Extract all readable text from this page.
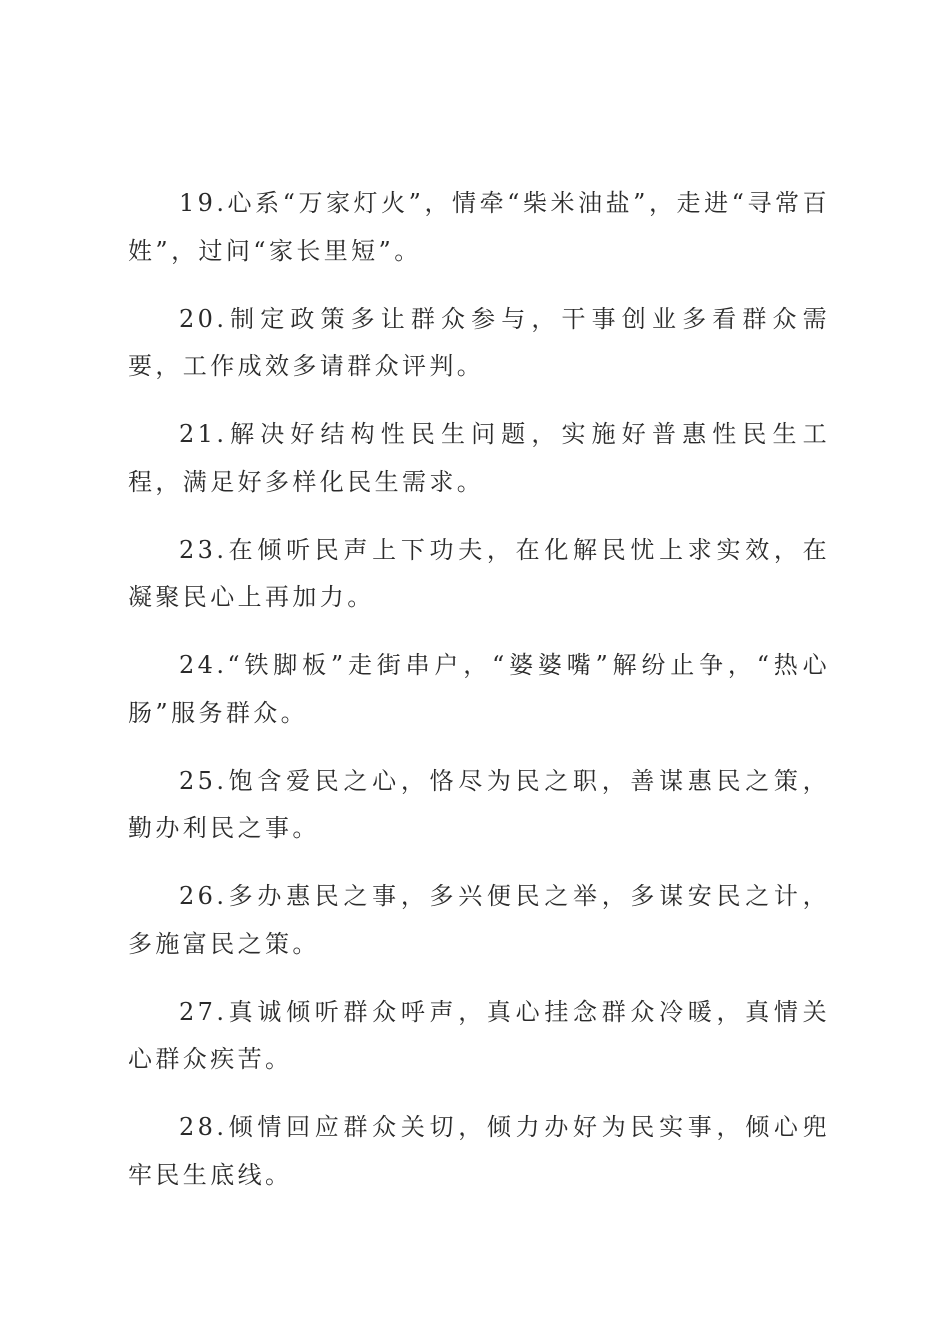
19.心系“万家灯火”，情牵“柴米油盐”，走进“寻常百姓”，过问“家长里短”。

20.制定政策多让群众参与，干事创业多看群众需要，工作成效多请群众评判。

21.解决好结构性民生问题，实施好普惠性民生工程，满足好多样化民生需求。

23.在倾听民声上下功夫，在化解民忧上求实效，在凝聚民心上再加力。

24.“铁脚板”走街串户，“婆婆嘴”解纷止争，“热心肠”服务群众。

25.饱含爱民之心，恪尽为民之职，善谋惠民之策，勤办利民之事。

26.多办惠民之事，多兴便民之举，多谋安民之计，多施富民之策。

27.真诚倾听群众呼声，真心挂念群众冷暖，真情关心群众疾苦。

28.倾情回应群众关切，倾力办好为民实事，倾心兜牢民生底线。
